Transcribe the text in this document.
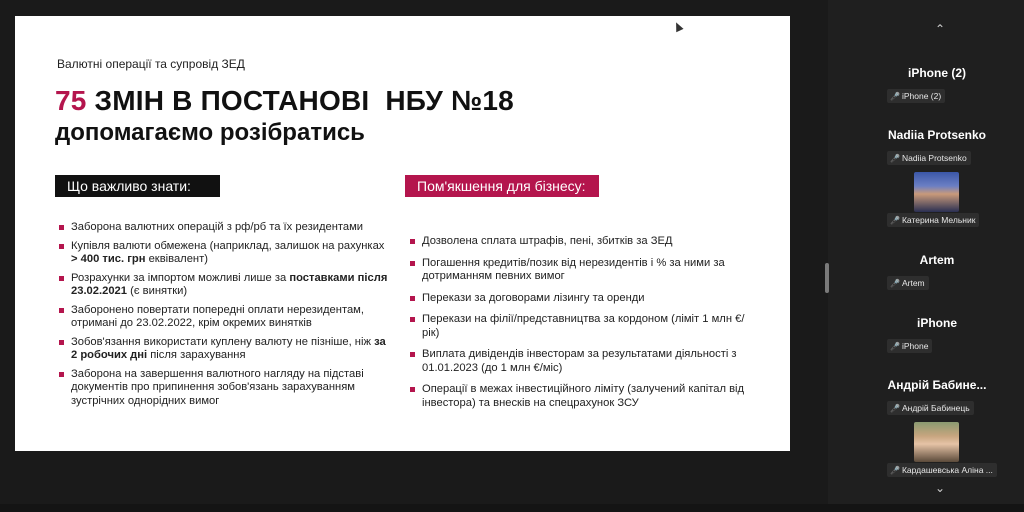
Валютні операції та супровід ЗЕД
75 ЗМІН В ПОСТАНОВІ  НБУ №18
допомагаємо розібратись
Що важливо знати:	Пом'якшення для бізнесу:
Заборона валютних операцій з рф/рб та їх резидентами
Купівля валюти обмежена (наприклад, залишок на рахунках > 400 тис. грн еквівалент)
Розрахунки за імпортом можливі лише за поставками після 23.02.2021 (є винятки)
Заборонено повертати попередні оплати нерезидентам, отримані до 23.02.2022, крім окремих винятків
Зобов'язання використати куплену валюту не пізніше, ніж за 2 робочих дні після зарахування
Заборона на завершення валютного нагляду на підставі документів про припинення зобов'язань зарахуванням зустрічних однорідних вимог
Дозволена сплата штрафів, пені, збитків за ЗЕД
Погашення кредитів/позик від нерезидентів і % за ними за дотриманням певних вимог
Перекази за договорами лізингу та оренди
Перекази на філії/представництва за кордоном (ліміт 1 млн €/рік)
Виплата дивідендів інвесторам за результатами діяльності з 01.01.2023 (до 1 млн €/міс)
Операції в межах інвестиційного ліміту (залучений капітал від інвестора) та внесків на спецрахунок ЗСУ
⌃
iPhone (2)
🎤 iPhone (2)
Nadiia Protsenko
🎤 Nadiia Protsenko
🎤 Катерина Мельник
Artem
🎤 Artem
iPhone
🎤 iPhone
Андрій Бабине...
🎤 Андрій Бабинець
🎤 Кардашевська Аліна ...
⌄
